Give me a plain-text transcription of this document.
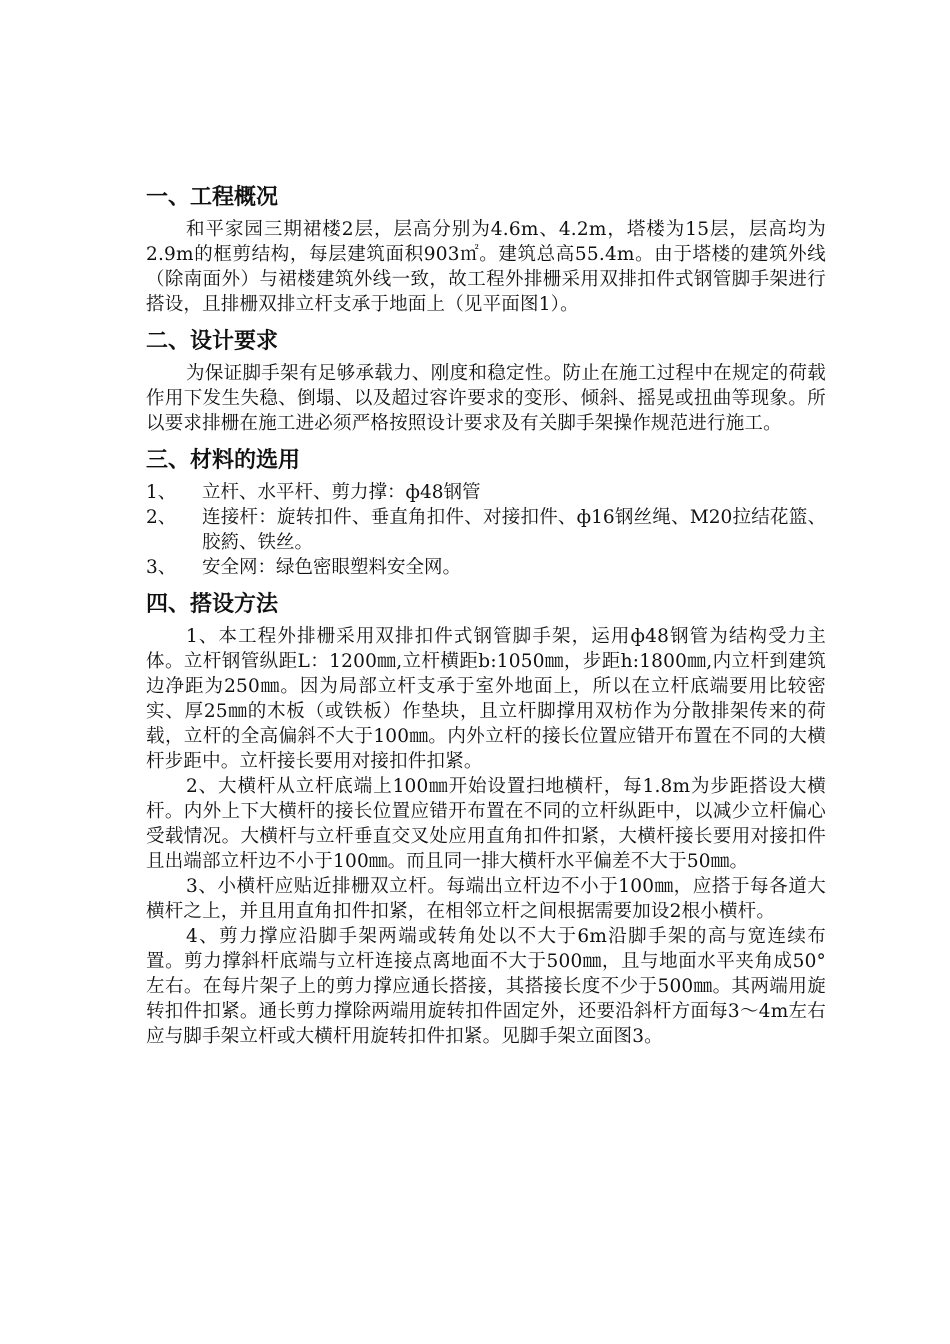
一、工程概况

和平家园三期裙楼2层，层高分别为4.6m、4.2m，塔楼为15层，层高均为2.9m的框剪结构，每层建筑面积903㎡。建筑总高55.4m。由于塔楼的建筑外线（除南面外）与裙楼建筑外线一致，故工程外排栅采用双排扣件式钢管脚手架进行搭设，且排栅双排立杆支承于地面上（见平面图1）。

二、设计要求

为保证脚手架有足够承载力、刚度和稳定性。防止在施工过程中在规定的荷载作用下发生失稳、倒塌、以及超过容许要求的变形、倾斜、摇晃或扭曲等现象。所以要求排栅在施工进必须严格按照设计要求及有关脚手架操作规范进行施工。

三、材料的选用
1、	立杆、水平杆、剪力撑：ф48钢管
2、	连接杆：旋转扣件、垂直角扣件、对接扣件、ф16钢丝绳、M20拉结花篮、胶箹、铁丝。
3、	安全网：绿色密眼塑料安全网。
四、搭设方法

1、本工程外排栅采用双排扣件式钢管脚手架，运用ф48钢管为结构受力主体。立杆钢管纵距L：1200㎜,立杆横距b:1050㎜，步距h:1800㎜,内立杆到建筑边净距为250㎜。因为局部立杆支承于室外地面上，所以在立杆底端要用比较密实、厚25㎜的木板（或铁板）作垫块，且立杆脚撑用双枋作为分散排架传来的荷载，立杆的全高偏斜不大于100㎜。内外立杆的接长位置应错开布置在不同的大横杆步距中。立杆接长要用对接扣件扣紧。

2、大横杆从立杆底端上100㎜开始设置扫地横杆，每1.8m为步距搭设大横杆。内外上下大横杆的接长位置应错开布置在不同的立杆纵距中，以减少立杆偏心受载情况。大横杆与立杆垂直交叉处应用直角扣件扣紧，大横杆接长要用对接扣件且出端部立杆边不小于100㎜。而且同一排大横杆水平偏差不大于50㎜。

3、小横杆应贴近排栅双立杆。每端出立杆边不小于100㎜，应搭于每各道大横杆之上，并且用直角扣件扣紧，在相邻立杆之间根据需要加设2根小横杆。

4、剪力撑应沿脚手架两端或转角处以不大于6m沿脚手架的高与宽连续布置。剪力撑斜杆底端与立杆连接点离地面不大于500㎜，且与地面水平夹角成50°左右。在每片架子上的剪力撑应通长搭接，其搭接长度不少于500㎜。其两端用旋转扣件扣紧。通长剪力撑除两端用旋转扣件固定外，还要沿斜杆方面每3～4m左右应与脚手架立杆或大横杆用旋转扣件扣紧。见脚手架立面图3。
